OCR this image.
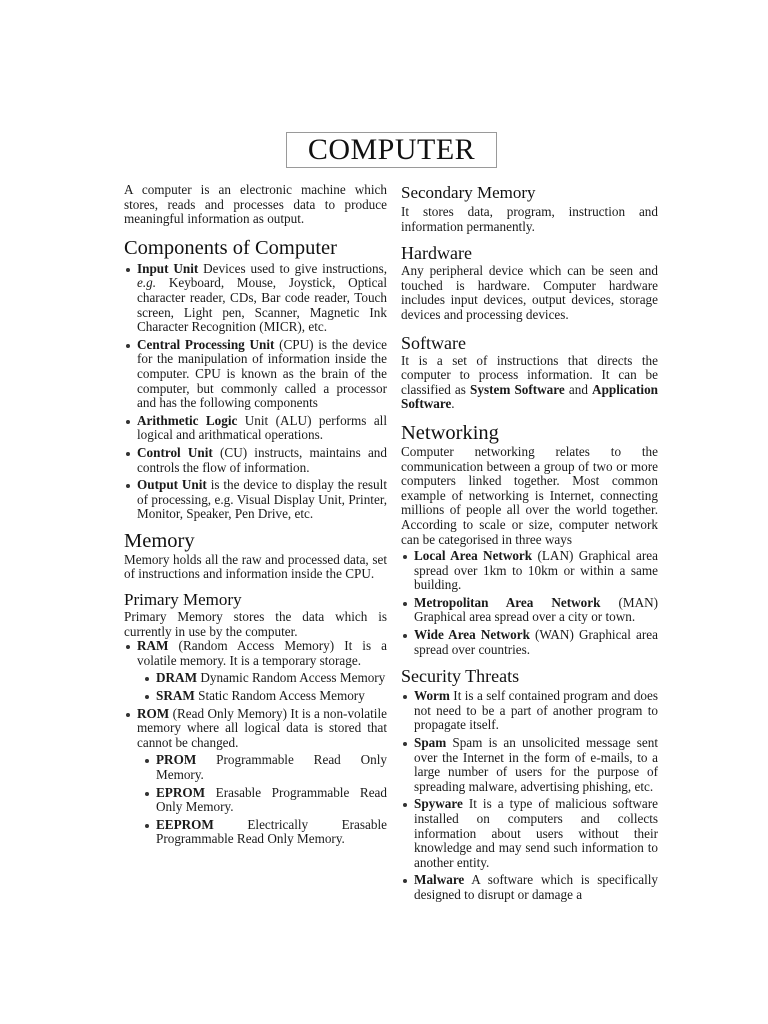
COMPUTER

A computer is an electronic machine which stores, reads and processes data to produce meaningful information as output.

Components of Computer
Input Unit Devices used to give instructions, e.g. Keyboard, Mouse, Joystick, Optical character reader, CDs, Bar code reader, Touch screen, Light pen, Scanner, Magnetic Ink Character Recognition (MICR), etc.
Central Processing Unit (CPU) is the device for the manipulation of information inside the computer. CPU is known as the brain of the computer, but commonly called a processor and has the following components
Arithmetic Logic Unit (ALU) performs all logical and arithmatical operations.
Control Unit (CU) instructs, maintains and controls the flow of information.
Output Unit is the device to display the result of processing, e.g. Visual Display Unit, Printer, Monitor, Speaker, Pen Drive, etc.
Memory

Memory holds all the raw and processed data, set of instructions and information inside the CPU.

Primary Memory

Primary Memory stores the data which is currently in use by the computer.

RAM (Random Access Memory) It is a volatile memory. It is a temporary storage.
DRAM Dynamic Random Access Memory
SRAM Static Random Access Memory
ROM (Read Only Memory) It is a non-volatile memory where all logical data is stored that cannot be changed.
PROM Programmable Read Only Memory.
EPROM Erasable Programmable Read Only Memory.
EEPROM Electrically Erasable Programmable Read Only Memory.
Secondary Memory

It stores data, program, instruction and information permanently.

Hardware

Any peripheral device which can be seen and touched is hardware. Computer hardware includes input devices, output devices, storage devices and processing devices.

Software

It is a set of instructions that directs the computer to process information. It can be classified as System Software and Application Software.

Networking

Computer networking relates to the communication between a group of two or more computers linked together. Most common example of networking is Internet, connecting millions of people all over the world together. According to scale or size, computer network can be categorised in three ways

Local Area Network (LAN) Graphical area spread over 1km to 10km or within a same building.
Metropolitan Area Network (MAN) Graphical area spread over a city or town.
Wide Area Network (WAN) Graphical area spread over countries.
Security Threats
Worm It is a self contained program and does not need to be a part of another program to propagate itself.
Spam Spam is an unsolicited message sent over the Internet in the form of e-mails, to a large number of users for the purpose of spreading malware, advertising phishing, etc.
Spyware It is a type of malicious software installed on computers and collects information about users without their knowledge and may send such information to another entity.
Malware A software which is specifically designed to disrupt or damage a
